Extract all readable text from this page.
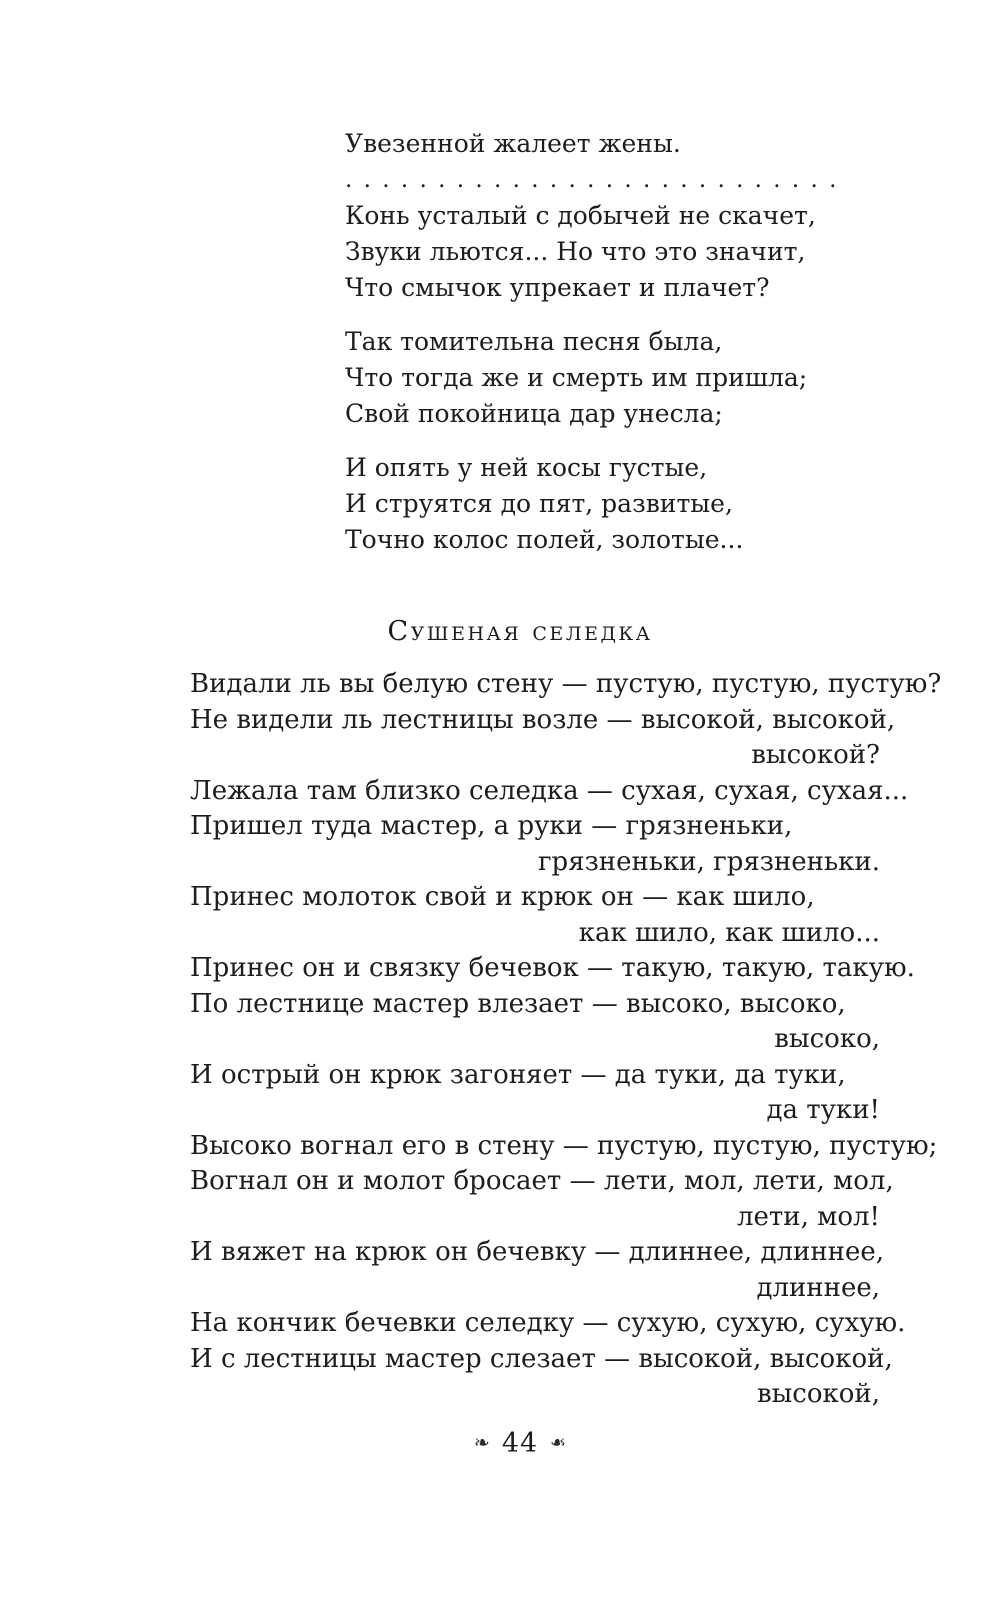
Увезенной жалеет жены.
. . . . . . . . . . . . . . . . . . . . . . . . . . .
Конь усталый с добычей не скачет,
Звуки льются... Но что это значит,
Что смычок упрекает и плачет?
Так томительна песня была,
Что тогда же и смерть им пришла;
Свой покойница дар унесла;
И опять у ней косы густые,
И струятся до пят, развитые,
Точно колос полей, золотые...
Сушеная селедка
Видали ль вы белую стену — пустую, пустую, пустую?
Не видели ль лестницы возле — высокой, высокой,
высокой?
Лежала там близко селедка — сухая, сухая, сухая...
Пришел туда мастер, а руки — грязненьки,
грязненьки, грязненьки.
Принес молоток свой и крюк он — как шило,
как шило, как шило...
Принес он и связку бечевок — такую, такую, такую.
По лестнице мастер влезает — высоко, высоко,
высоко,
И острый он крюк загоняет — да туки, да туки,
да туки!
Высоко вогнал его в стену — пустую, пустую, пустую;
Вогнал он и молот бросает — лети, мол, лети, мол,
лети, мол!
И вяжет на крюк он бечевку — длиннее, длиннее,
длиннее,
На кончик бечевки селедку — сухую, сухую, сухую.
И с лестницы мастер слезает — высокой, высокой,
высокой,
❧ 44 ❧
